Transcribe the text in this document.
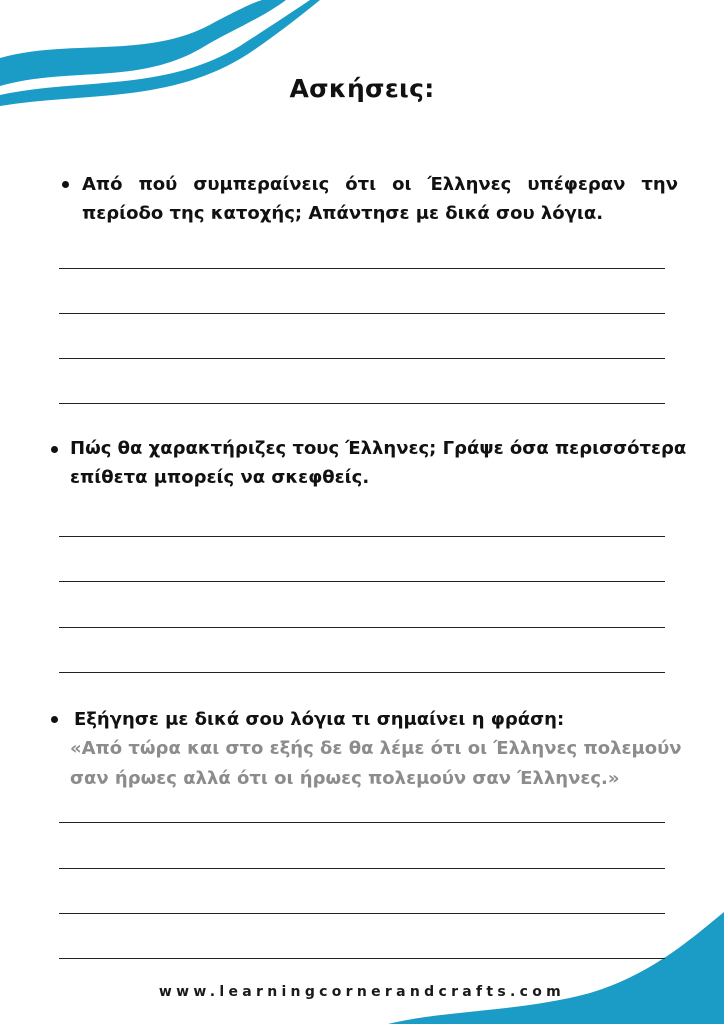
Ασκήσεις:
Από πού συμπεραίνεις ότι οι Έλληνες υπέφεραν την περίοδο της κατοχής; Απάντησε με δικά σου λόγια.
Πώς θα χαρακτήριζες τους Έλληνες; Γράψε όσα περισσότερα επίθετα μπορείς να σκεφθείς.
Εξήγησε με δικά σου λόγια τι σημαίνει η φράση:
«Από τώρα και στο εξής δε θα λέμε ότι οι Έλληνες πολεμούν σαν ήρωες αλλά ότι οι ήρωες πολεμούν σαν Έλληνες.»
www.learningcornerandcrafts.com
